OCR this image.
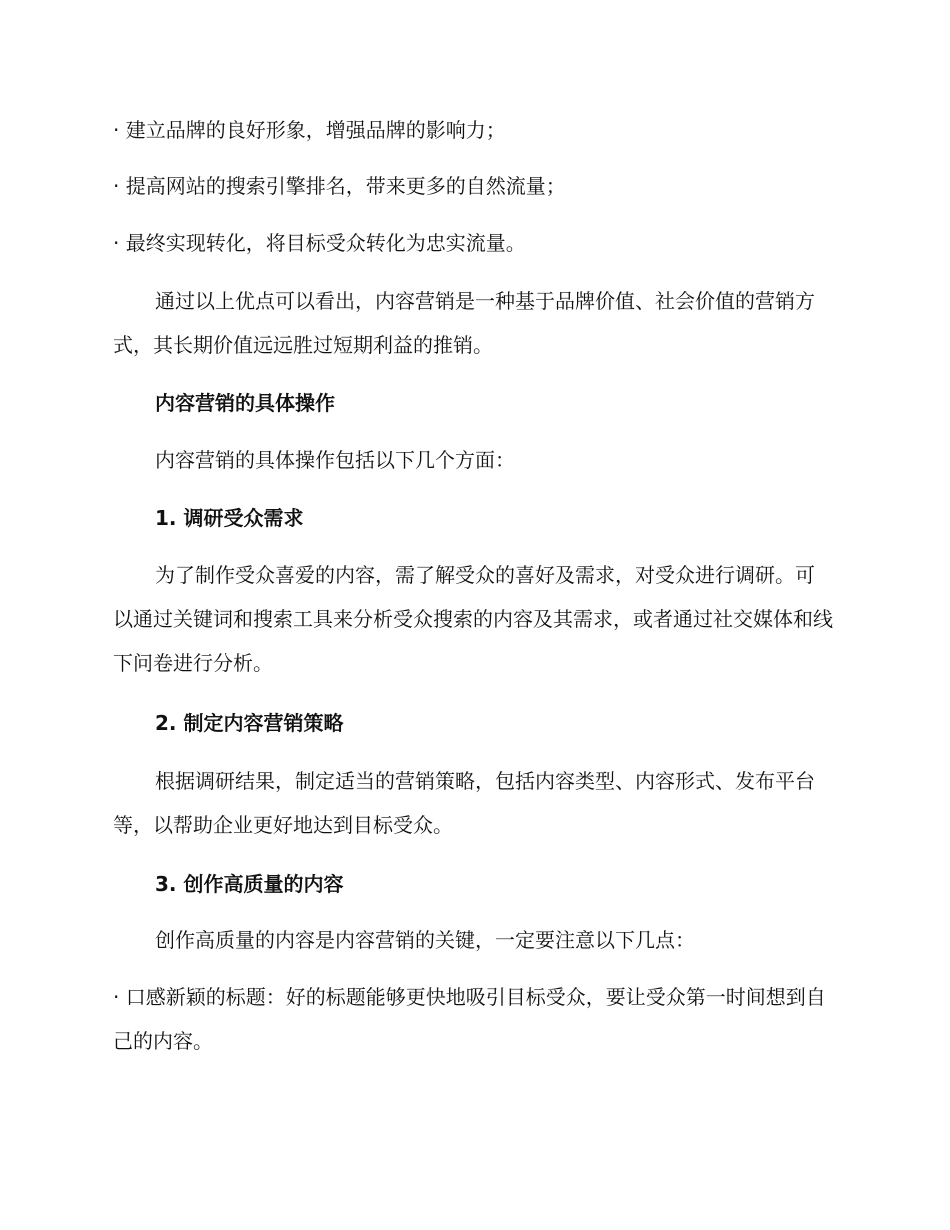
· 建立品牌的良好形象，增强品牌的影响力；
· 提高网站的搜索引擎排名，带来更多的自然流量；
· 最终实现转化，将目标受众转化为忠实流量。
通过以上优点可以看出，内容营销是一种基于品牌价值、社会价值的营销方式，其长期价值远远胜过短期利益的推销。
内容营销的具体操作
内容营销的具体操作包括以下几个方面：
1. 调研受众需求
为了制作受众喜爱的内容，需了解受众的喜好及需求，对受众进行调研。可以通过关键词和搜索工具来分析受众搜索的内容及其需求，或者通过社交媒体和线下问卷进行分析。
2. 制定内容营销策略
根据调研结果，制定适当的营销策略，包括内容类型、内容形式、发布平台等，以帮助企业更好地达到目标受众。
3. 创作高质量的内容
创作高质量的内容是内容营销的关键，一定要注意以下几点：
· 口感新颖的标题：好的标题能够更快地吸引目标受众，要让受众第一时间想到自己的内容。
